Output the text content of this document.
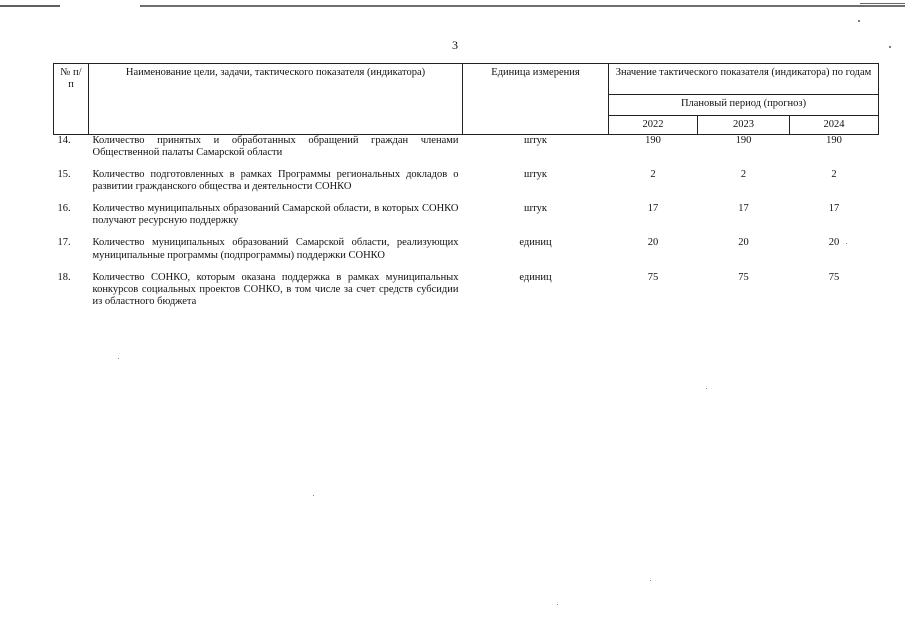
3
№ п/п	Наименование цели, задачи, тактического показателя (индикатора)	Единица измерения	Значение тактического показателя (индикатора) по годам		
			Плановый период (прогноз)		
			2022	2023	2024
14.	Количество принятых и обработанных обращений граждан членами Общественной палаты Самарской области	штук	190	190	190
15.	Количество подготовленных в рамках Программы региональных докладов о развитии гражданского общества и деятельности СОНКО	штук	2	2	2
16.	Количество муниципальных образований Самарской области, в которых СОНКО получают ресурсную поддержку	штук	17	17	17
17.	Количество муниципальных образований Самарской области, реализующих муниципальные программы (подпрограммы) поддержки СОНКО	единиц	20	20	20
18.	Количество СОНКО, которым оказана поддержка в рамках муниципальных конкурсов социальных проектов СОНКО, в том числе за счет средств субсидии из областного бюджета	единиц	75	75	75
